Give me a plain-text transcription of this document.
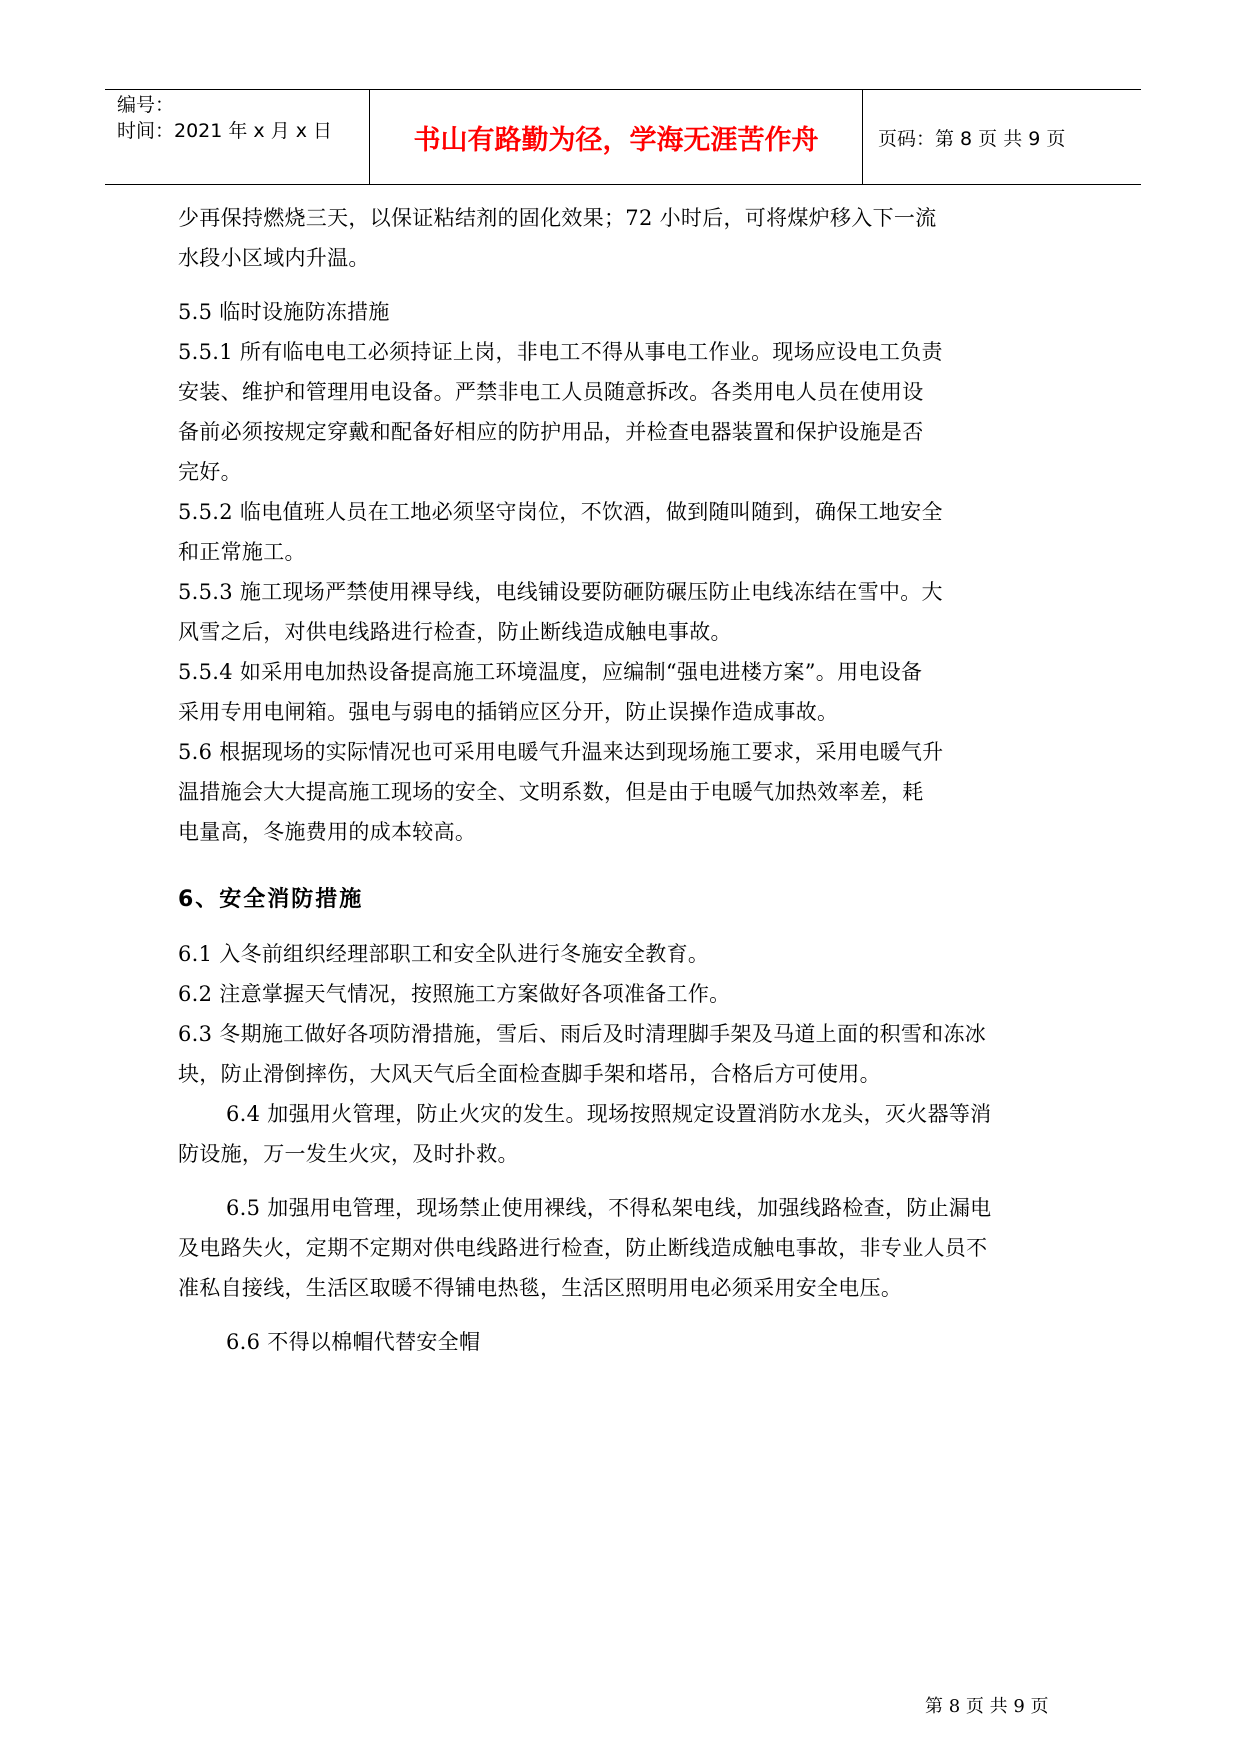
编号：
时间：2021 年 x 月 x 日	书山有路勤为径，学海无涯苦作舟	页码：第 8 页 共 9 页

少再保持燃烧三天，以保证粘结剂的固化效果；72 小时后，可将煤炉移入下一流

水段小区域内升温。

5.5 临时设施防冻措施

5.5.1 所有临电电工必须持证上岗，非电工不得从事电工作业。现场应设电工负责

安装、维护和管理用电设备。严禁非电工人员随意拆改。各类用电人员在使用设

备前必须按规定穿戴和配备好相应的防护用品，并检查电器装置和保护设施是否

完好。

5.5.2 临电值班人员在工地必须坚守岗位，不饮酒，做到随叫随到，确保工地安全

和正常施工。

5.5.3 施工现场严禁使用裸导线，电线铺设要防砸防碾压防止电线冻结在雪中。大

风雪之后，对供电线路进行检查，防止断线造成触电事故。

5.5.4 如采用电加热设备提高施工环境温度，应编制“强电进楼方案”。用电设备

采用专用电闸箱。强电与弱电的插销应区分开，防止误操作造成事故。

5.6 根据现场的实际情况也可采用电暖气升温来达到现场施工要求，采用电暖气升

温措施会大大提高施工现场的安全、文明系数，但是由于电暖气加热效率差，耗

电量高，冬施费用的成本较高。

6、安全消防措施

6.1 入冬前组织经理部职工和安全队进行冬施安全教育。

6.2 注意掌握天气情况，按照施工方案做好各项准备工作。

6.3 冬期施工做好各项防滑措施，雪后、雨后及时清理脚手架及马道上面的积雪和冻冰

块，防止滑倒摔伤，大风天气后全面检查脚手架和塔吊，合格后方可使用。

6.4 加强用火管理，防止火灾的发生。现场按照规定设置消防水龙头，灭火器等消

防设施，万一发生火灾，及时扑救。

6.5 加强用电管理，现场禁止使用裸线，不得私架电线，加强线路检查，防止漏电

及电路失火，定期不定期对供电线路进行检查，防止断线造成触电事故，非专业人员不

准私自接线，生活区取暖不得铺电热毯，生活区照明用电必须采用安全电压。

6.6 不得以棉帽代替安全帽

第 8 页 共 9 页
